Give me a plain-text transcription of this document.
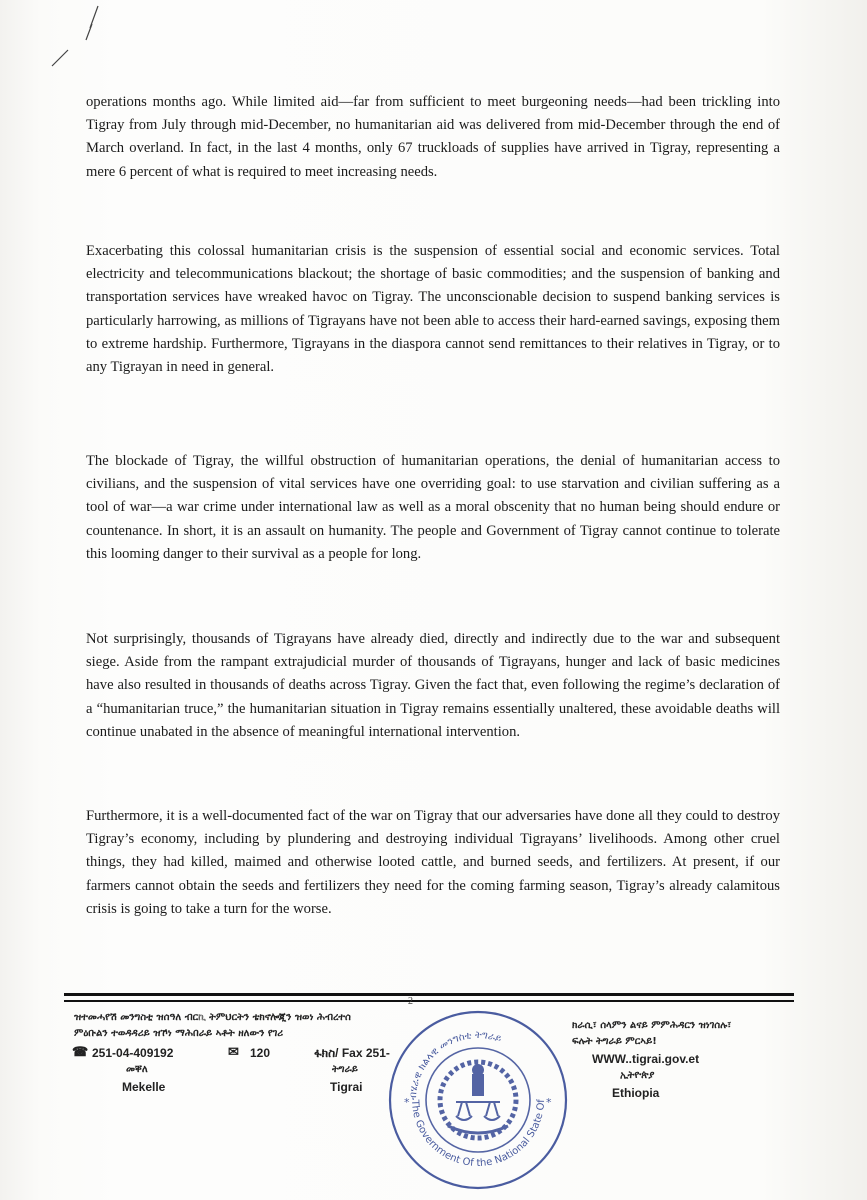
operations months ago. While limited aid—far from sufficient to meet burgeoning needs—had been trickling into Tigray from July through mid-December, no humanitarian aid was delivered from mid-December through the end of March overland. In fact, in the last 4 months, only 67 truckloads of supplies have arrived in Tigray, representing a mere 6 percent of what is required to meet increasing needs.

Exacerbating this colossal humanitarian crisis is the suspension of essential social and economic services. Total electricity and telecommunications blackout; the shortage of basic commodities; and the suspension of banking and transportation services have wreaked havoc on Tigray. The unconscionable decision to suspend banking services is particularly harrowing, as millions of Tigrayans have not been able to access their hard-earned savings, exposing them to extreme hardship. Furthermore, Tigrayans in the diaspora cannot send remittances to their relatives in Tigray, or to any Tigrayan in need in general.

The blockade of Tigray, the willful obstruction of humanitarian operations, the denial of humanitarian access to civilians, and the suspension of vital services have one overriding goal: to use starvation and civilian suffering as a tool of war—a war crime under international law as well as a moral obscenity that no human being should endure or countenance. In short, it is an assault on humanity. The people and Government of Tigray cannot continue to tolerate this looming danger to their survival as a people for long.

Not surprisingly, thousands of Tigrayans have already died, directly and indirectly due to the war and subsequent siege. Aside from the rampant extrajudicial murder of thousands of Tigrayans, hunger and lack of basic medicines have also resulted in thousands of deaths across Tigray. Given the fact that, even following the regime’s declaration of a “humanitarian truce,” the humanitarian situation in Tigray remains essentially unaltered, these avoidable deaths will continue unabated in the absence of meaningful international intervention.

Furthermore, it is a well-documented fact of the war on Tigray that our adversaries have done all they could to destroy Tigray’s economy, including by plundering and destroying individual Tigrayans’ livelihoods. Among other cruel things, they had killed, maimed and otherwise looted cattle, and burned seeds, and fertilizers. At present, if our farmers cannot obtain the seeds and fertilizers they need for the coming farming season, Tigray’s already calamitous crisis is going to take a turn for the worse.

2
ዝተመሓየሽ መንግስቲ ዝሰዓለ ብርኪ ትምህርትን ቴክኖሎጂን ዝወነ ሕብረተሰ
ምዕቡልን ተወዳዳሪይ ዝኾነ ማሕበራይ ኣቶት ዘለውን የገሪ
☎ 251-04-409192	✉ 120	ፋክስ/ Fax 251-
መቐለ
Mekelle
ትግራይ
Tigrai
ክራሲ፣ ሰላምን ልናይ ምምሕዳርን ዝነገሰሉ፣
ፍሉት ትግራይ ምርኣይ!
WWW..tigrai.gov.et
ኢትዮጵያ
Ethiopia
The Government Of the National State Of
ብሄራዊ ክልላዊ መንግስቲ ትግራይ
*	*
